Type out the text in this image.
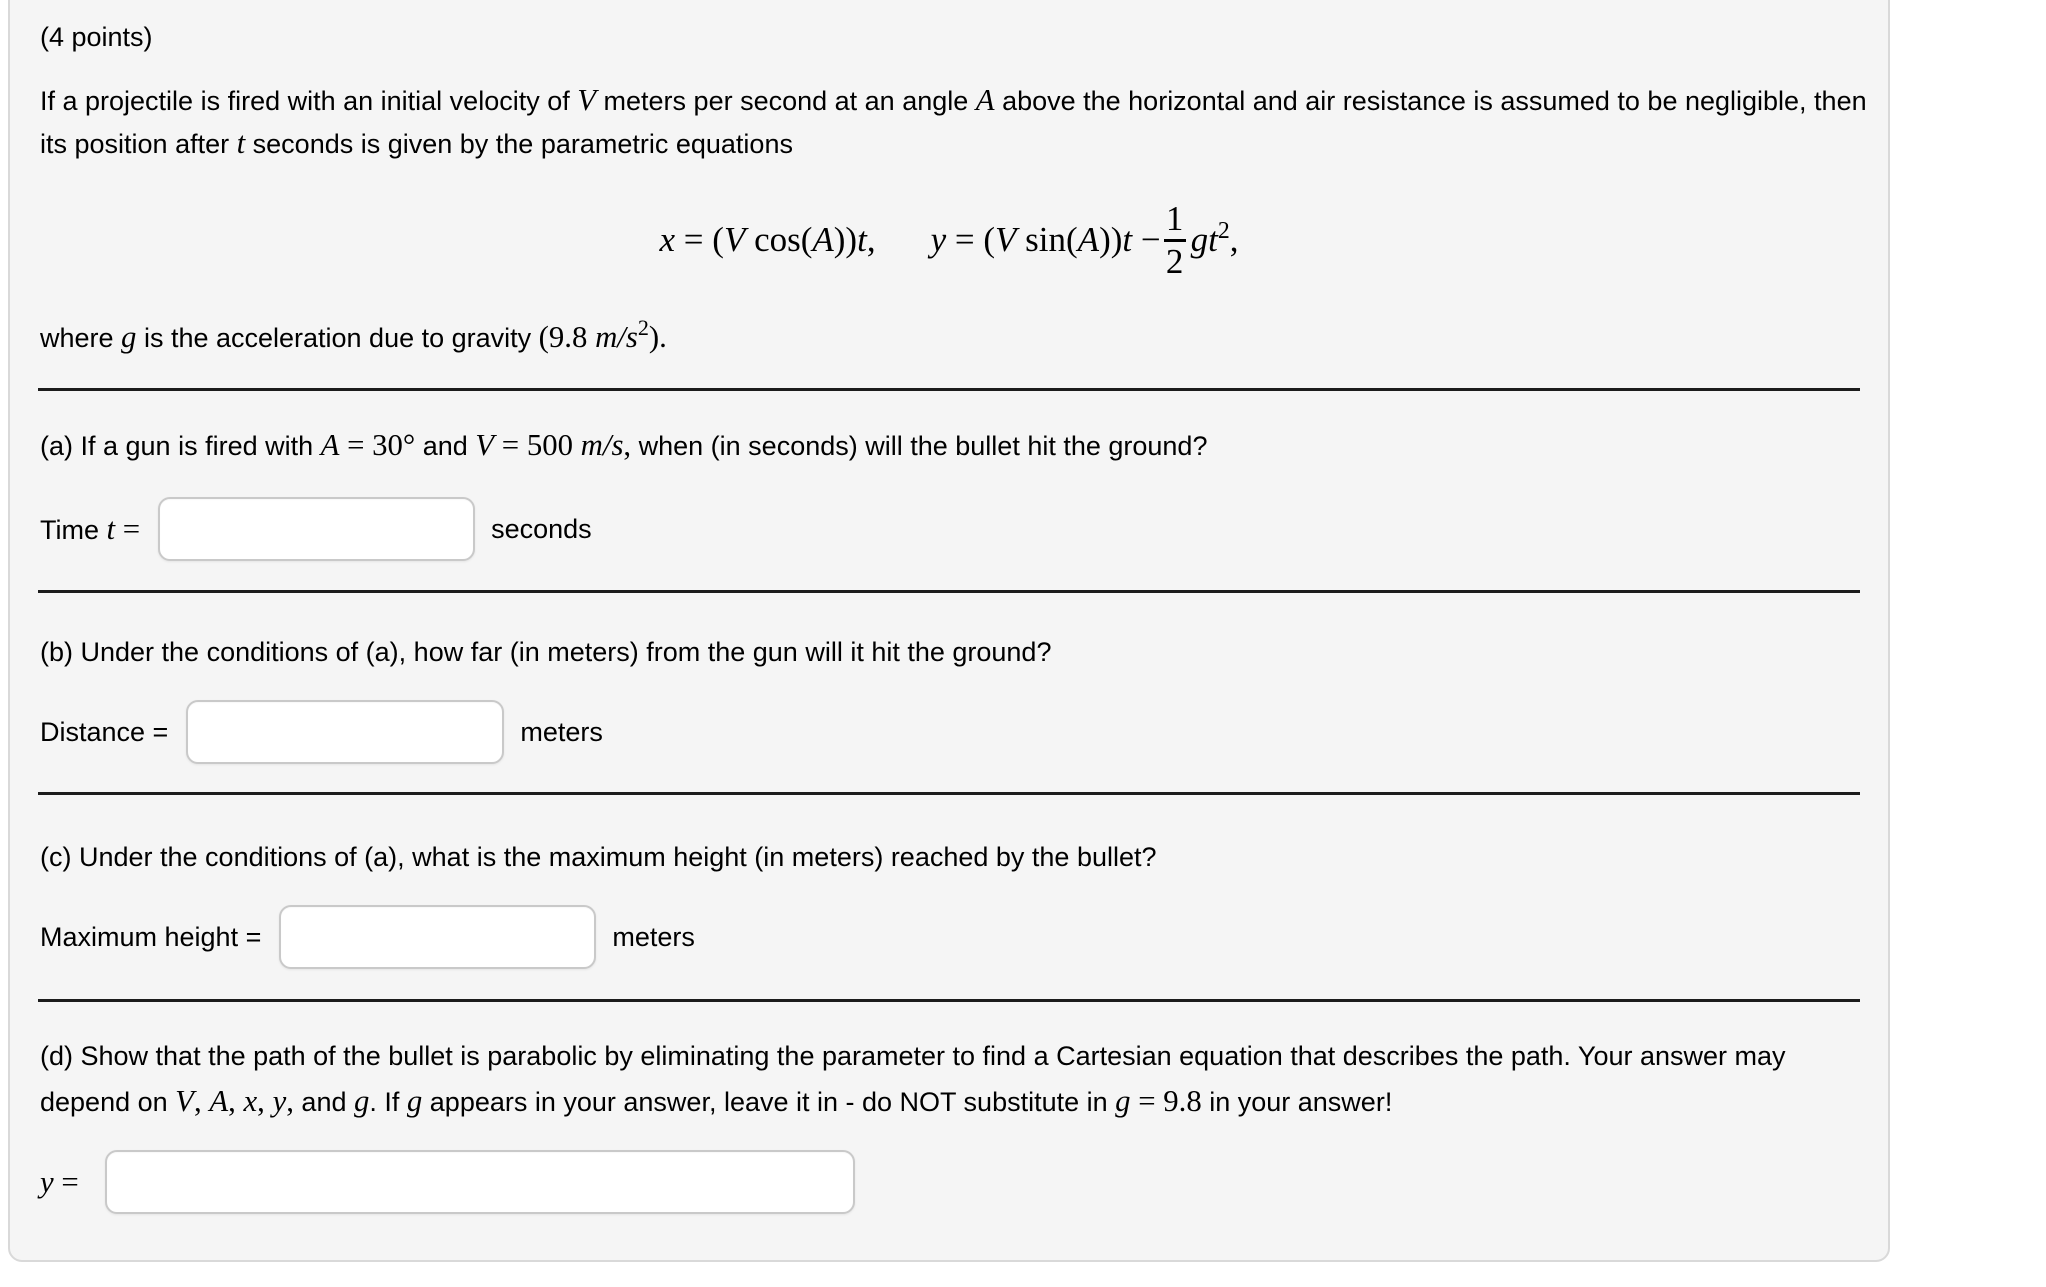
(4 points)
If a projectile is fired with an initial velocity of V meters per second at an angle A above the horizontal and air resistance is assumed to be negligible, then its position after t seconds is given by the parametric equations
x = (V cos(A))t, y = (V $\sin(A))t - \frac{1}{2} gt^2$,
where g is the acceleration due to gravity (9.8 $m/s^2$).
(a) If a gun is fired with A = 30° and V = 500 m/s, when (in seconds) will the bullet hit the ground?
Time t =	seconds
(b) Under the conditions of (a), how far (in meters) from the gun will it hit the ground?
Distance =	meters
(c) Under the conditions of (a), what is the maximum height (in meters) reached by the bullet?
Maximum height =	meters
(d) Show that the path of the bullet is parabolic by eliminating the parameter to find a Cartesian equation that describes the path. Your answer may depend on V, A, x, y, and g. If g appears in your answer, leave it in - do NOT substitute in g = 9.8 in your answer!
y =
